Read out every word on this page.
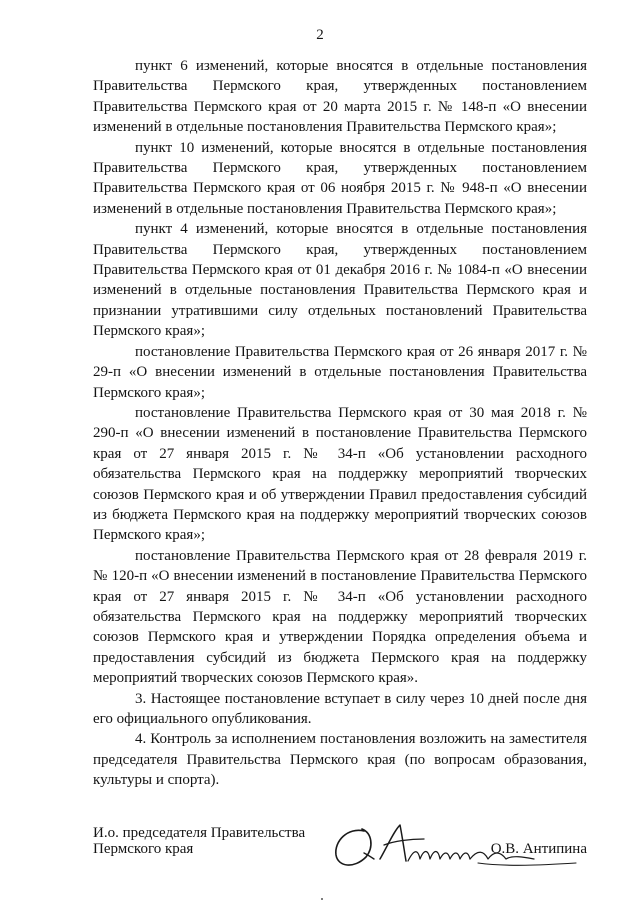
2

пункт 6 изменений, которые вносятся в отдельные постановления Правительства Пермского края, утвержденных постановлением Правительства Пермского края от 20 марта 2015 г. № 148-п «О внесении изменений в отдельные постановления Правительства Пермского края»;

пункт 10 изменений, которые вносятся в отдельные постановления Правительства Пермского края, утвержденных постановлением Правительства Пермского края от 06 ноября 2015 г. № 948-п «О внесении изменений в отдельные постановления Правительства Пермского края»;

пункт 4 изменений, которые вносятся в отдельные постановления Правительства Пермского края, утвержденных постановлением Правительства Пермского края от 01 декабря 2016 г. № 1084-п «О внесении изменений в отдельные постановления Правительства Пермского края и признании утратившими силу отдельных постановлений Правительства Пермского края»;

постановление Правительства Пермского края от 26 января 2017 г. № 29-п «О внесении изменений в отдельные постановления Правительства Пермского края»;

постановление Правительства Пермского края от 30 мая 2018 г. № 290-п «О внесении изменений в постановление Правительства Пермского края от 27 января 2015 г. № 34-п «Об установлении расходного обязательства Пермского края на поддержку мероприятий творческих союзов Пермского края и об утверждении Правил предоставления субсидий из бюджета Пермского края на поддержку мероприятий творческих союзов Пермского края»;

постановление Правительства Пермского края от 28 февраля 2019 г. № 120-п «О внесении изменений в постановление Правительства Пермского края от 27 января 2015 г. № 34-п «Об установлении расходного обязательства Пермского края на поддержку мероприятий творческих союзов Пермского края и утверждении Порядка определения объема и предоставления субсидий из бюджета Пермского края на поддержку мероприятий творческих союзов Пермского края».

3. Настоящее постановление вступает в силу через 10 дней после дня его официального опубликования.

4. Контроль за исполнением постановления возложить на заместителя председателя Правительства Пермского края (по вопросам образования, культуры и спорта).

И.о. председателя Правительства
Пермского края	О.В. Антипина
